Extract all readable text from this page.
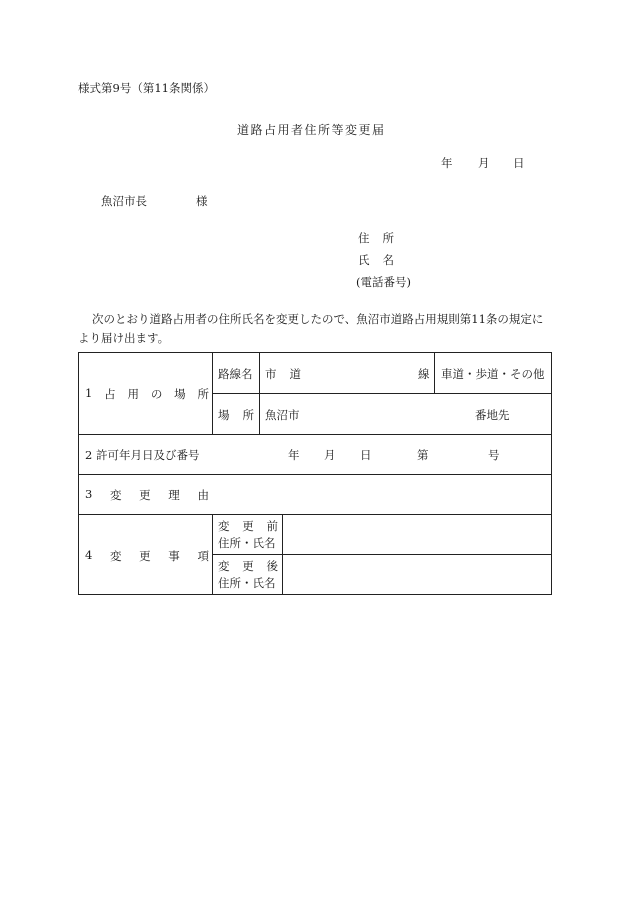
様式第9号（第11条関係）
道路占用者住所等変更届
年 月 日
魚沼市長	様
住 所
氏 名
(電話番号)
次のとおり道路占用者の住所氏名を変更したので、魚沼市道路占用規則第11条の規定に
より届け出ます。
1 占 用 の 場 所
路線名 市 道	線 車道・歩道・その他
場 所 魚沼市	番地先
2 許可年月日及び番号	年 月 日	第	号
3 変 更 理 由
4 変 更 事 項
変 更 前
住所・氏名
変 更 後
住所・氏名
